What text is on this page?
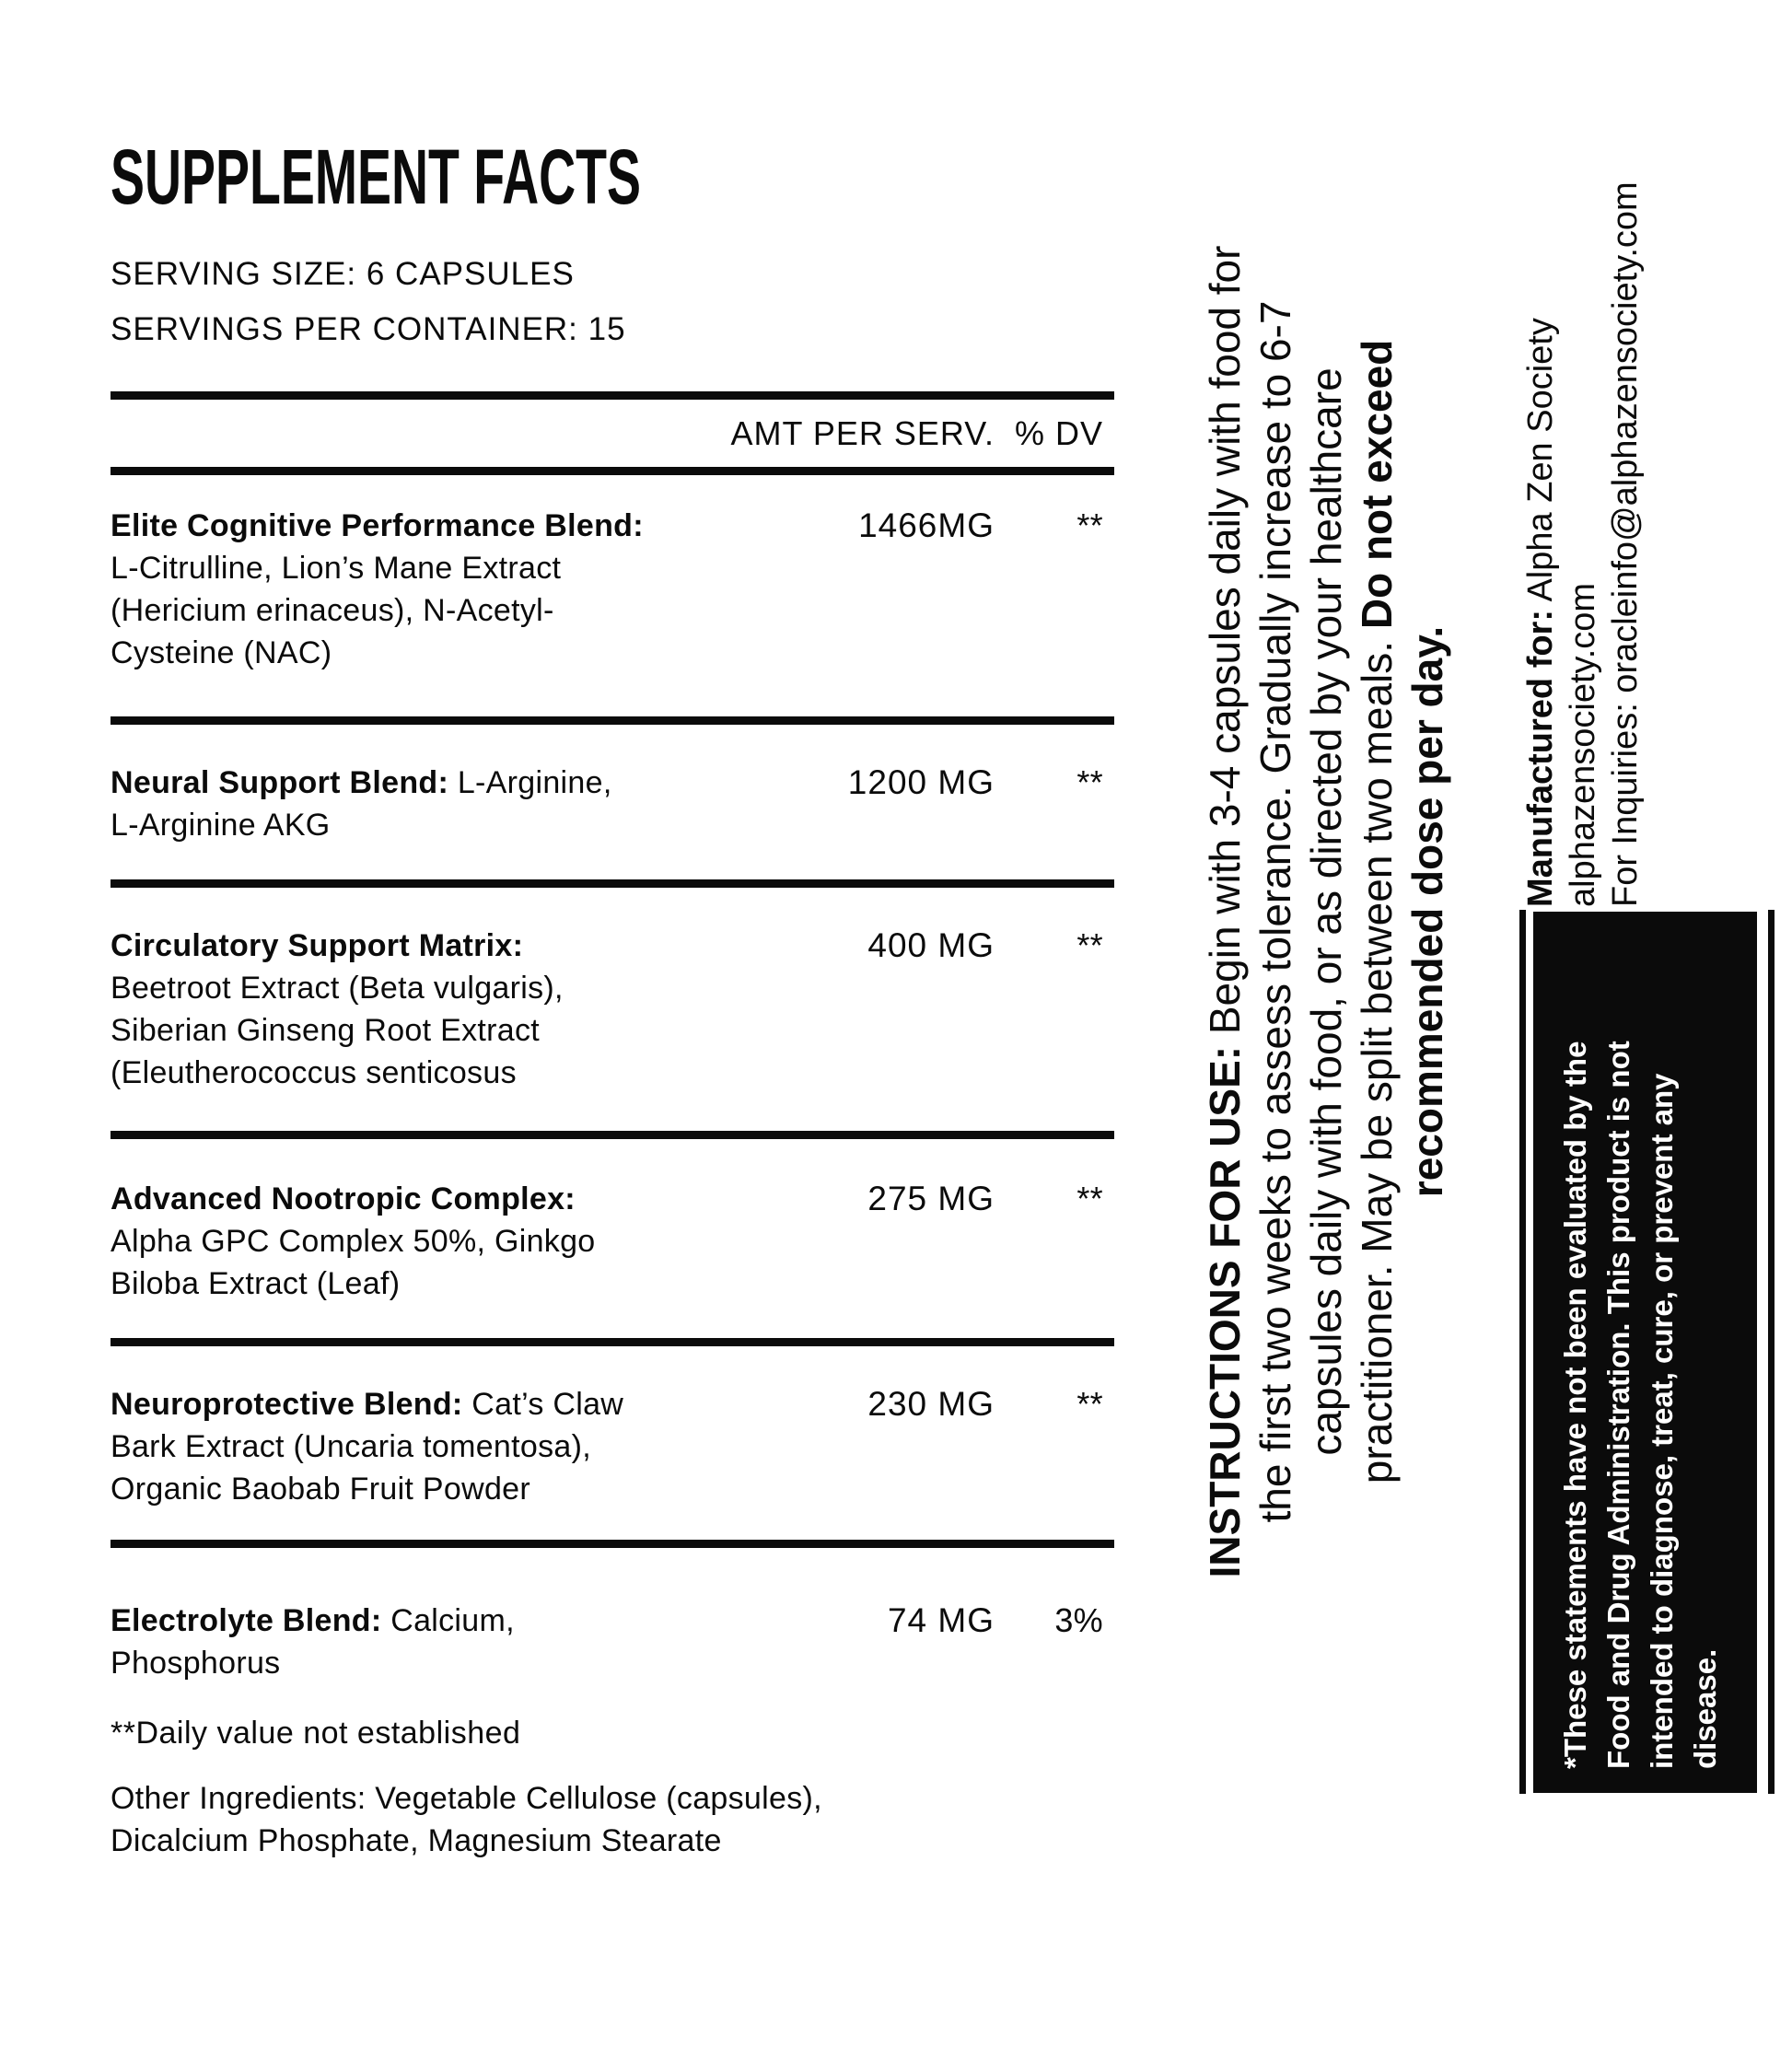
SUPPLEMENT FACTS

SERVING SIZE: 6 CAPSULES

SERVINGS PER CONTAINER: 15

AMT PER SERV. % DV
Elite Cognitive Performance Blend: L-Citrulline, Lion’s Mane Extract (Hericium erinaceus), N-Acetyl-Cysteine (NAC)
1466MG	**
Neural Support Blend: L-Arginine, L-Arginine AKG
1200 MG	**
Circulatory Support Matrix: Beetroot Extract (Beta vulgaris), Siberian Ginseng Root Extract (Eleutherococcus senticosus
400 MG	**
Advanced Nootropic Complex: Alpha GPC Complex 50%, Ginkgo Biloba Extract (Leaf)
275 MG	**
Neuroprotective Blend: Cat’s Claw Bark Extract (Uncaria tomentosa), Organic Baobab Fruit Powder
230 MG	**
Electrolyte Blend: Calcium, Phosphorus
74 MG	3%

**Daily value not established

Other Ingredients: Vegetable Cellulose (capsules), Dicalcium Phosphate, Magnesium Stearate

INSTRUCTIONS FOR USE: Begin with 3-4 capsules daily with food for the first two weeks to assess tolerance. Gradually increase to 6-7 capsules daily with food, or as directed by your healthcare practitioner. May be split between two meals. Do not exceed
recommended dose per day. Manufactured for: Alpha Zen Society
alphazensociety.com For Inquiries: oracleinfo@alphazensociety.com
*These statements have not been evaluated by the Food and Drug Administration. This product is not intended to diagnose, treat, cure, or prevent any disease.
